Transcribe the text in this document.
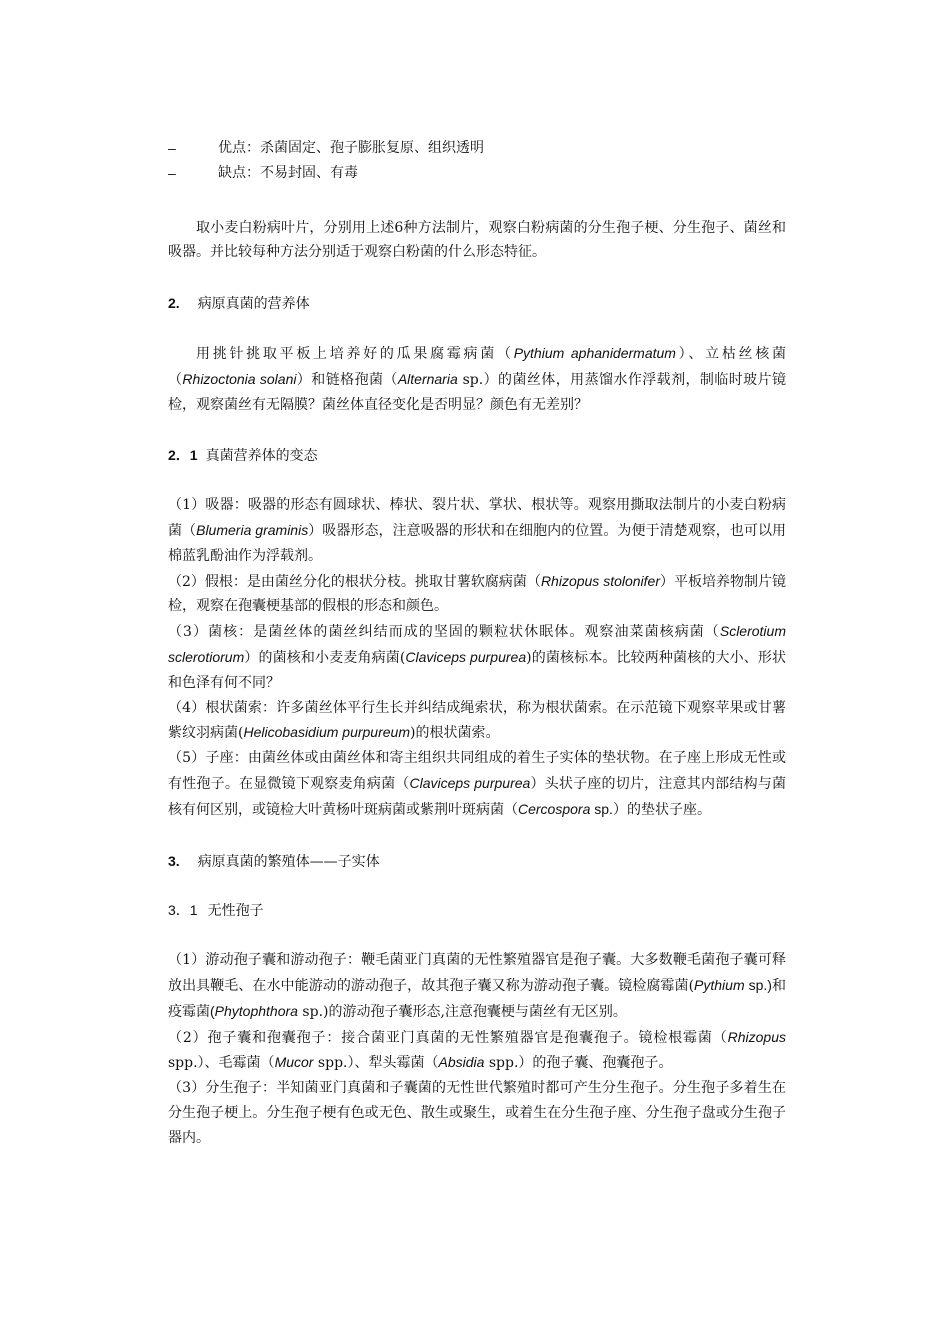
–	优点：杀菌固定、孢子膨胀复原、组织透明
–	缺点：不易封固、有毒

取小麦白粉病叶片，分别用上述6种方法制片，观察白粉病菌的分生孢子梗、分生孢子、菌丝和吸器。并比较每种方法分别适于观察白粉菌的什么形态特征。

2. 病原真菌的营养体

用挑针挑取平板上培养好的瓜果腐霉病菌（Pythium aphanidermatum）、立枯丝核菌（Rhizoctonia solani）和链格孢菌（Alternaria sp.）的菌丝体，用蒸馏水作浮载剂，制临时玻片镜检，观察菌丝有无隔膜？菌丝体直径变化是否明显？颜色有无差别？

2．1 真菌营养体的变态

（1）吸器：吸器的形态有圆球状、棒状、裂片状、掌状、根状等。观察用撕取法制片的小麦白粉病菌（Blumeria graminis）吸器形态，注意吸器的形状和在细胞内的位置。为便于清楚观察，也可以用棉蓝乳酚油作为浮载剂。

（2）假根：是由菌丝分化的根状分枝。挑取甘薯软腐病菌（Rhizopus stolonifer）平板培养物制片镜检，观察在孢囊梗基部的假根的形态和颜色。

（3）菌核：是菌丝体的菌丝纠结而成的坚固的颗粒状休眠体。观察油菜菌核病菌（Sclerotium sclerotiorum）的菌核和小麦麦角病菌(Claviceps purpurea)的菌核标本。比较两种菌核的大小、形状和色泽有何不同？

（4）根状菌索：许多菌丝体平行生长并纠结成绳索状，称为根状菌索。在示范镜下观察苹果或甘薯紫纹羽病菌(Helicobasidium purpureum)的根状菌索。

（5）子座：由菌丝体或由菌丝体和寄主组织共同组成的着生子实体的垫状物。在子座上形成无性或有性孢子。在显微镜下观察麦角病菌（Claviceps purpurea）头状子座的切片，注意其内部结构与菌核有何区别，或镜检大叶黄杨叶斑病菌或紫荆叶斑病菌（Cercospora sp.）的垫状子座。

3. 病原真菌的繁殖体——子实体
3．1 无性孢子

（1）游动孢子囊和游动孢子：鞭毛菌亚门真菌的无性繁殖器官是孢子囊。大多数鞭毛菌孢子囊可释放出具鞭毛、在水中能游动的游动孢子，故其孢子囊又称为游动孢子囊。镜检腐霉菌(Pythium sp.)和疫霉菌(Phytophthora sp.)的游动孢子囊形态,注意孢囊梗与菌丝有无区别。

（2）孢子囊和孢囊孢子：接合菌亚门真菌的无性繁殖器官是孢囊孢子。镜检根霉菌（Rhizopus spp.）、毛霉菌（Mucor spp.）、犁头霉菌（Absidia spp.）的孢子囊、孢囊孢子。

（3）分生孢子：半知菌亚门真菌和子囊菌的无性世代繁殖时都可产生分生孢子。分生孢子多着生在分生孢子梗上。分生孢子梗有色或无色、散生或聚生，或着生在分生孢子座、分生孢子盘或分生孢子器内。
